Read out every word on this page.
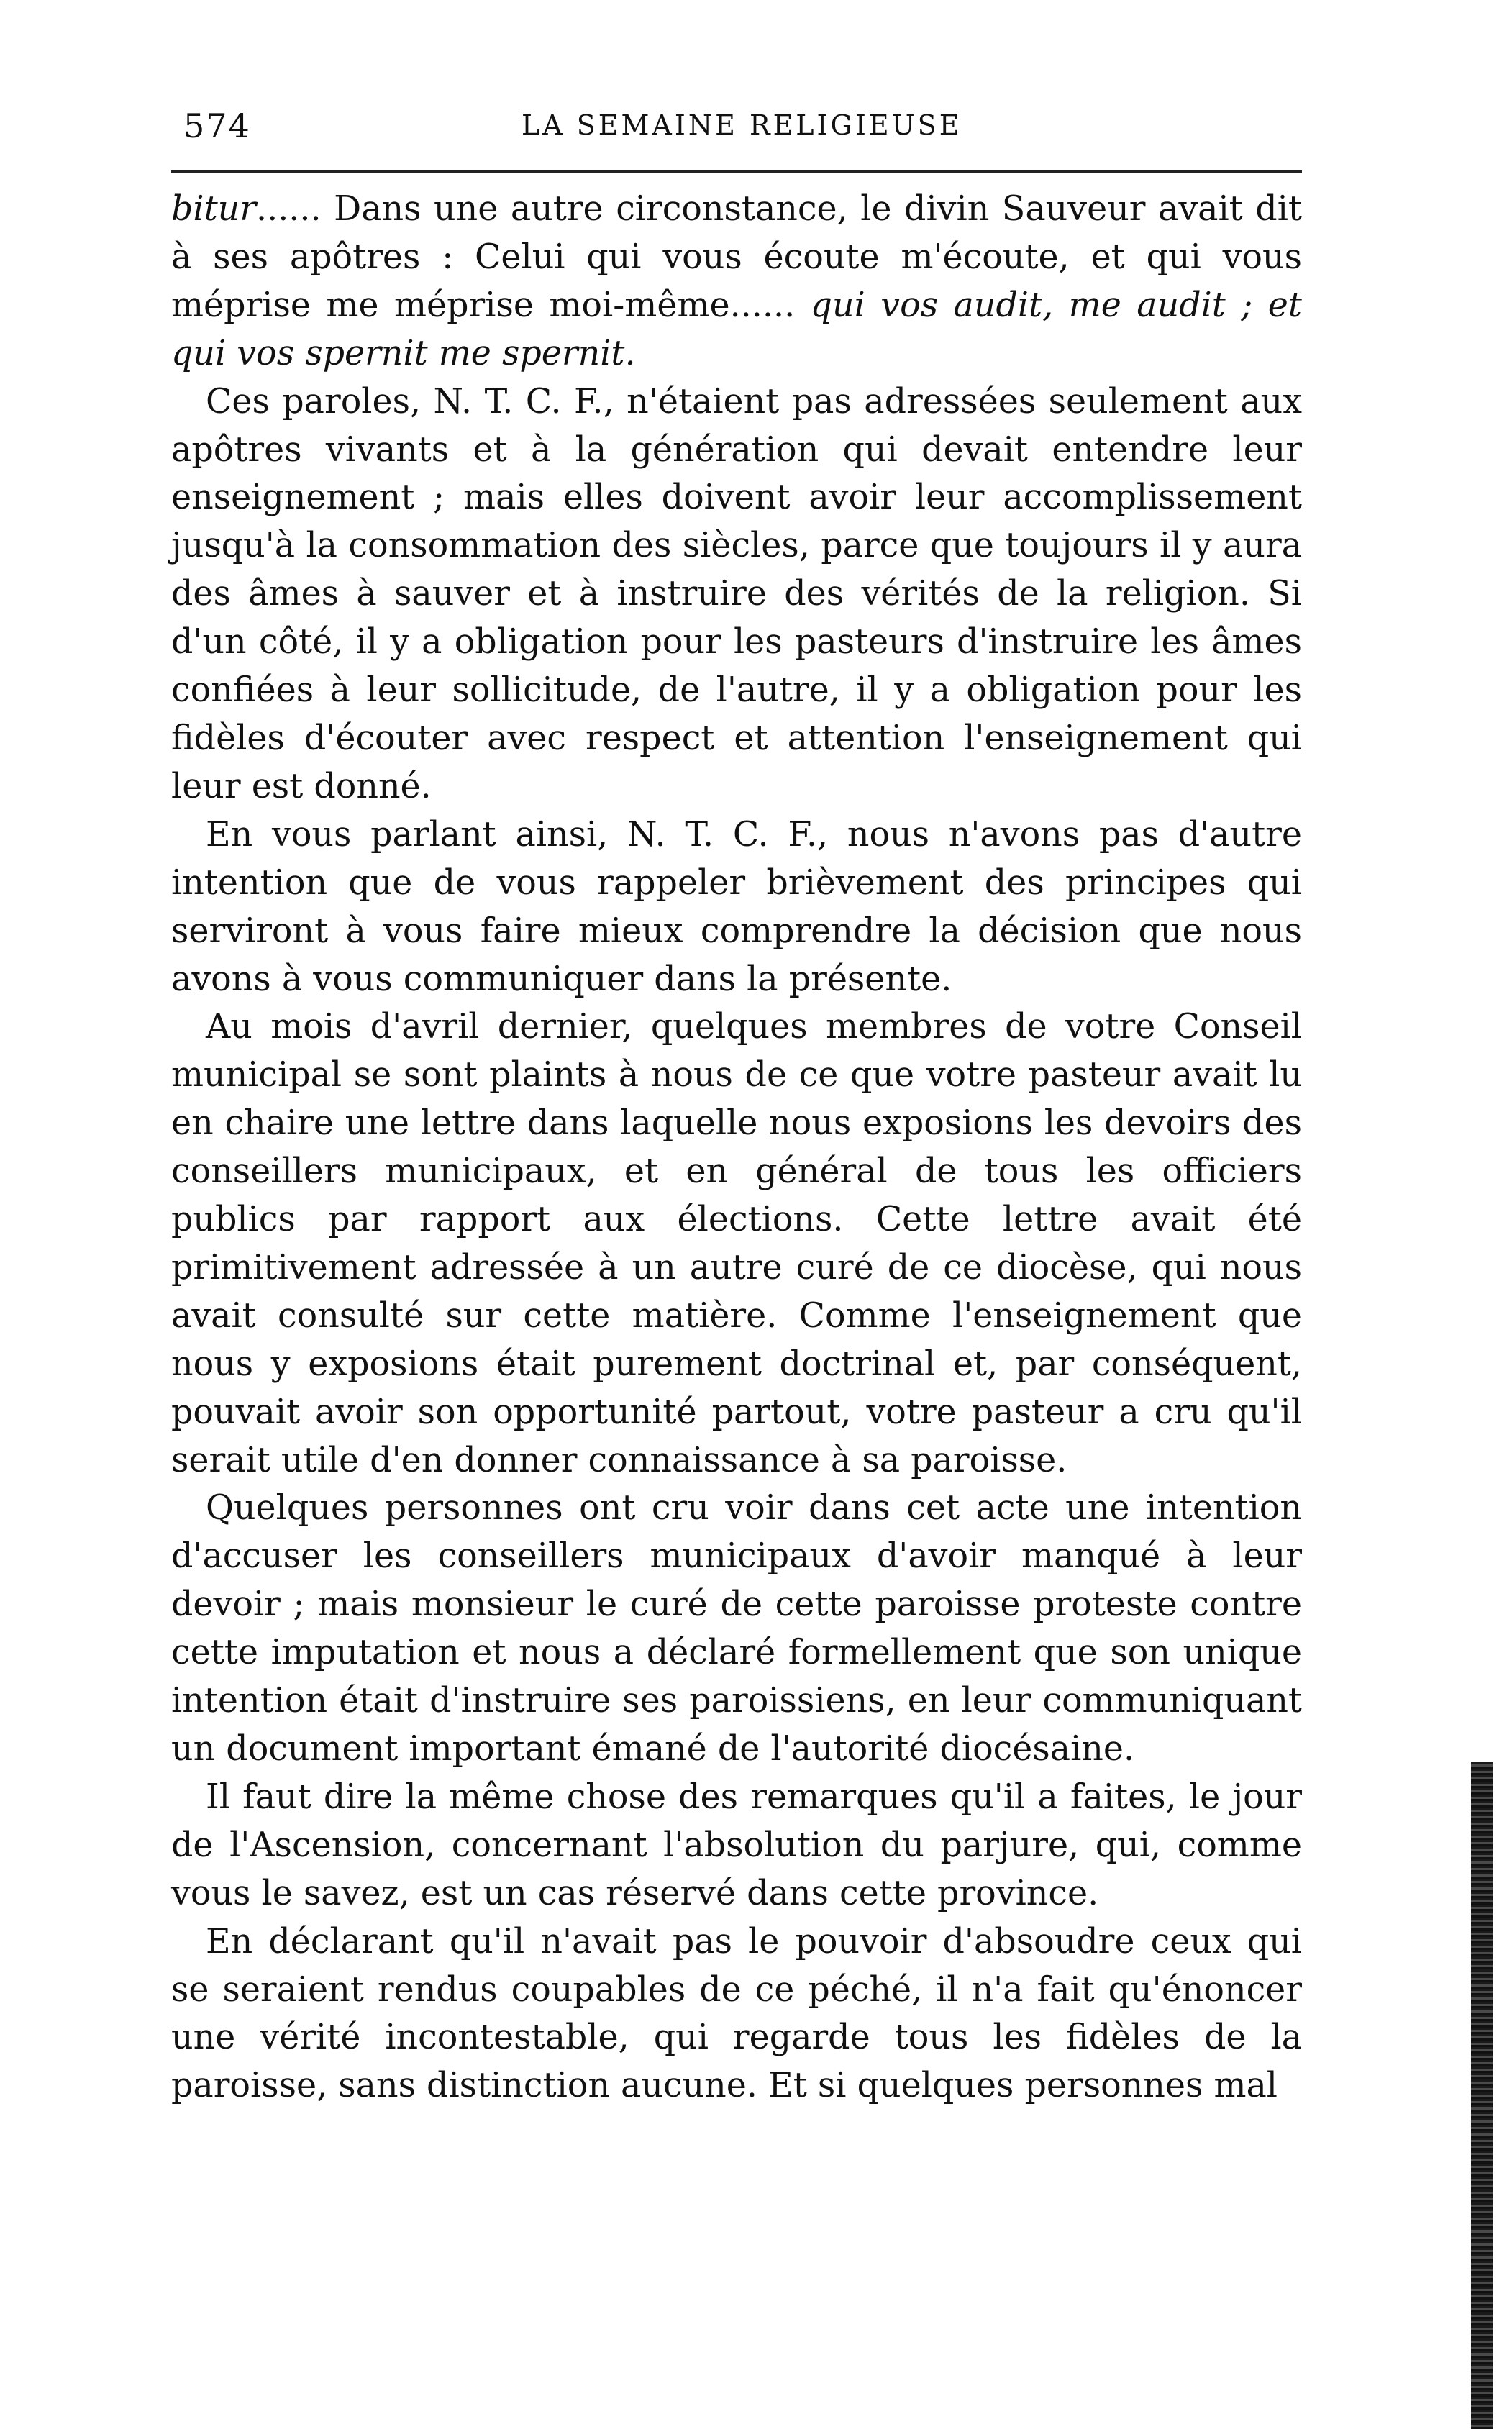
574	LA SEMAINE RELIGIEUSE

bitur...... Dans une autre circonstance, le divin Sauveur avait dit à ses apôtres : Celui qui vous écoute m'écoute, et qui vous méprise me méprise moi-même...... qui vos audit, me audit ; et qui vos spernit me spernit.

Ces paroles, N. T. C. F., n'étaient pas adressées seulement aux apôtres vivants et à la génération qui devait entendre leur enseignement ; mais elles doivent avoir leur accomplissement jusqu'à la consommation des siècles, parce que toujours il y aura des âmes à sauver et à instruire des vérités de la religion. Si d'un côté, il y a obligation pour les pasteurs d'instruire les âmes confiées à leur sollicitude, de l'autre, il y a obligation pour les fidèles d'écouter avec respect et attention l'enseignement qui leur est donné.

En vous parlant ainsi, N. T. C. F., nous n'avons pas d'autre intention que de vous rappeler brièvement des principes qui serviront à vous faire mieux comprendre la décision que nous avons à vous communiquer dans la présente.

Au mois d'avril dernier, quelques membres de votre Conseil municipal se sont plaints à nous de ce que votre pasteur avait lu en chaire une lettre dans laquelle nous exposions les devoirs des conseillers municipaux, et en général de tous les officiers publics par rapport aux élections. Cette lettre avait été primitivement adressée à un autre curé de ce diocèse, qui nous avait consulté sur cette matière. Comme l'enseignement que nous y exposions était purement doctrinal et, par conséquent, pouvait avoir son opportunité partout, votre pasteur a cru qu'il serait utile d'en donner connaissance à sa paroisse.

Quelques personnes ont cru voir dans cet acte une intention d'accuser les conseillers municipaux d'avoir manqué à leur devoir ; mais monsieur le curé de cette paroisse proteste contre cette imputation et nous a déclaré formellement que son unique intention était d'instruire ses paroissiens, en leur communiquant un document important émané de l'autorité diocésaine.

Il faut dire la même chose des remarques qu'il a faites, le jour de l'Ascension, concernant l'absolution du parjure, qui, comme vous le savez, est un cas réservé dans cette province.

En déclarant qu'il n'avait pas le pouvoir d'absoudre ceux qui se seraient rendus coupables de ce péché, il n'a fait qu'énoncer une vérité incontestable, qui regarde tous les fidèles de la paroisse, sans distinction aucune. Et si quelques personnes mal
